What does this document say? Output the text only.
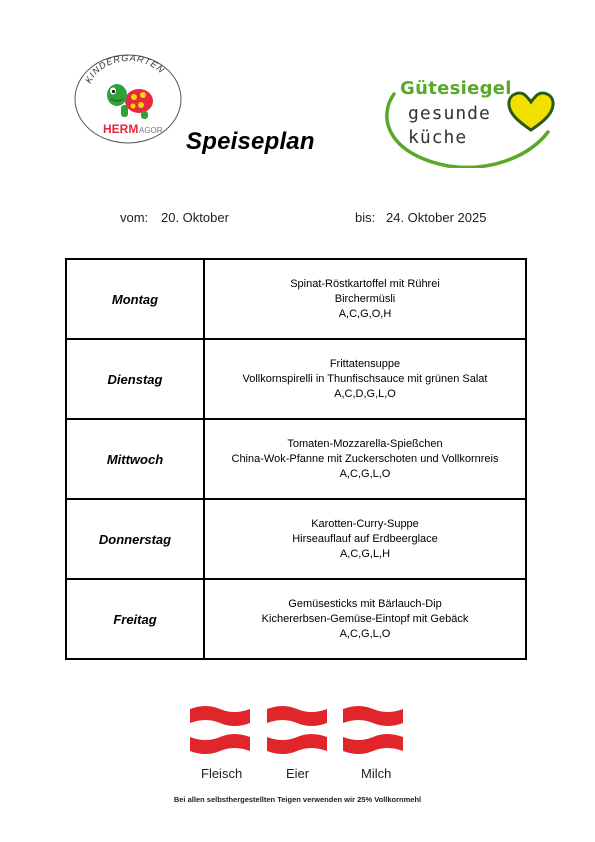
KINDERGARTEN
HERM AGOR Speiseplan
Gütesiegel
gesunde
küche
vom: 20. Oktober	bis: 24. Oktober 2025
Montag	Spinat-Röstkartoffel mit Rührei
Birchermüsli
A,C,G,O,H

Dienstag	Frittatensuppe
Vollkornspirelli in Thunfischsauce mit grünen Salat
A,C,D,G,L,O

Mittwoch	Tomaten-Mozzarella-Spießchen
China-Wok-Pfanne mit Zuckerschoten und Vollkornreis
A,C,G,L,O

Donnerstag	Karotten-Curry-Suppe
Hirseauflauf auf Erdbeerglace
A,C,G,L,H

Freitag	Gemüsesticks mit Bärlauch-Dip
Kichererbsen-Gemüse-Eintopf mit Gebäck
A,C,G,L,O
Fleisch	Eier	Milch
Bei allen selbsthergestellten Teigen verwenden wir 25% Vollkornmehl
